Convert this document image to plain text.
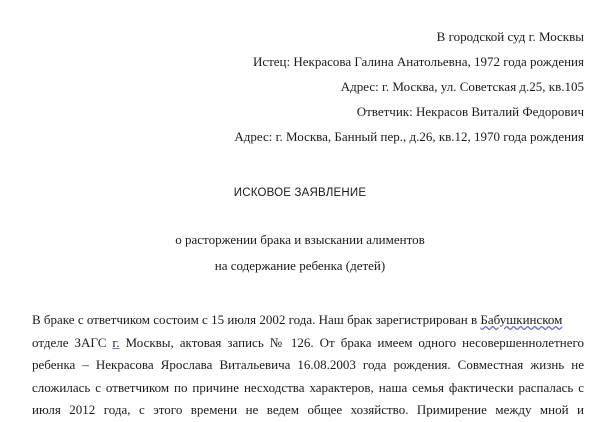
В городской суд г. Москвы
Истец: Некрасова Галина Анатольевна, 1972 года рождения
Адрес: г. Москва, ул. Советская д.25, кв.105
Ответчик: Некрасов Виталий Федорович
Адрес: г. Москва, Банный пер., д.26, кв.12, 1970 года рождения
ИСКОВОЕ ЗАЯВЛЕНИЕ
о расторжении брака и взыскании алиментов
на содержание ребенка (детей)
В браке с ответчиком состоим с 15 июля 2002 года. Наш брак зарегистрирован в Бабушкинском
отделе ЗАГС г. Москвы, актовая запись № 126. От брака имеем одного несовершеннолетнего
ребенка – Некрасова Ярослава Витальевича 16.08.2003 года рождения. Совместная жизнь не
сложилась с ответчиком по причине несходства характеров, наша семья фактически распалась с
июля 2012 года, с этого времени не ведем общее хозяйство. Примирение между мной и
